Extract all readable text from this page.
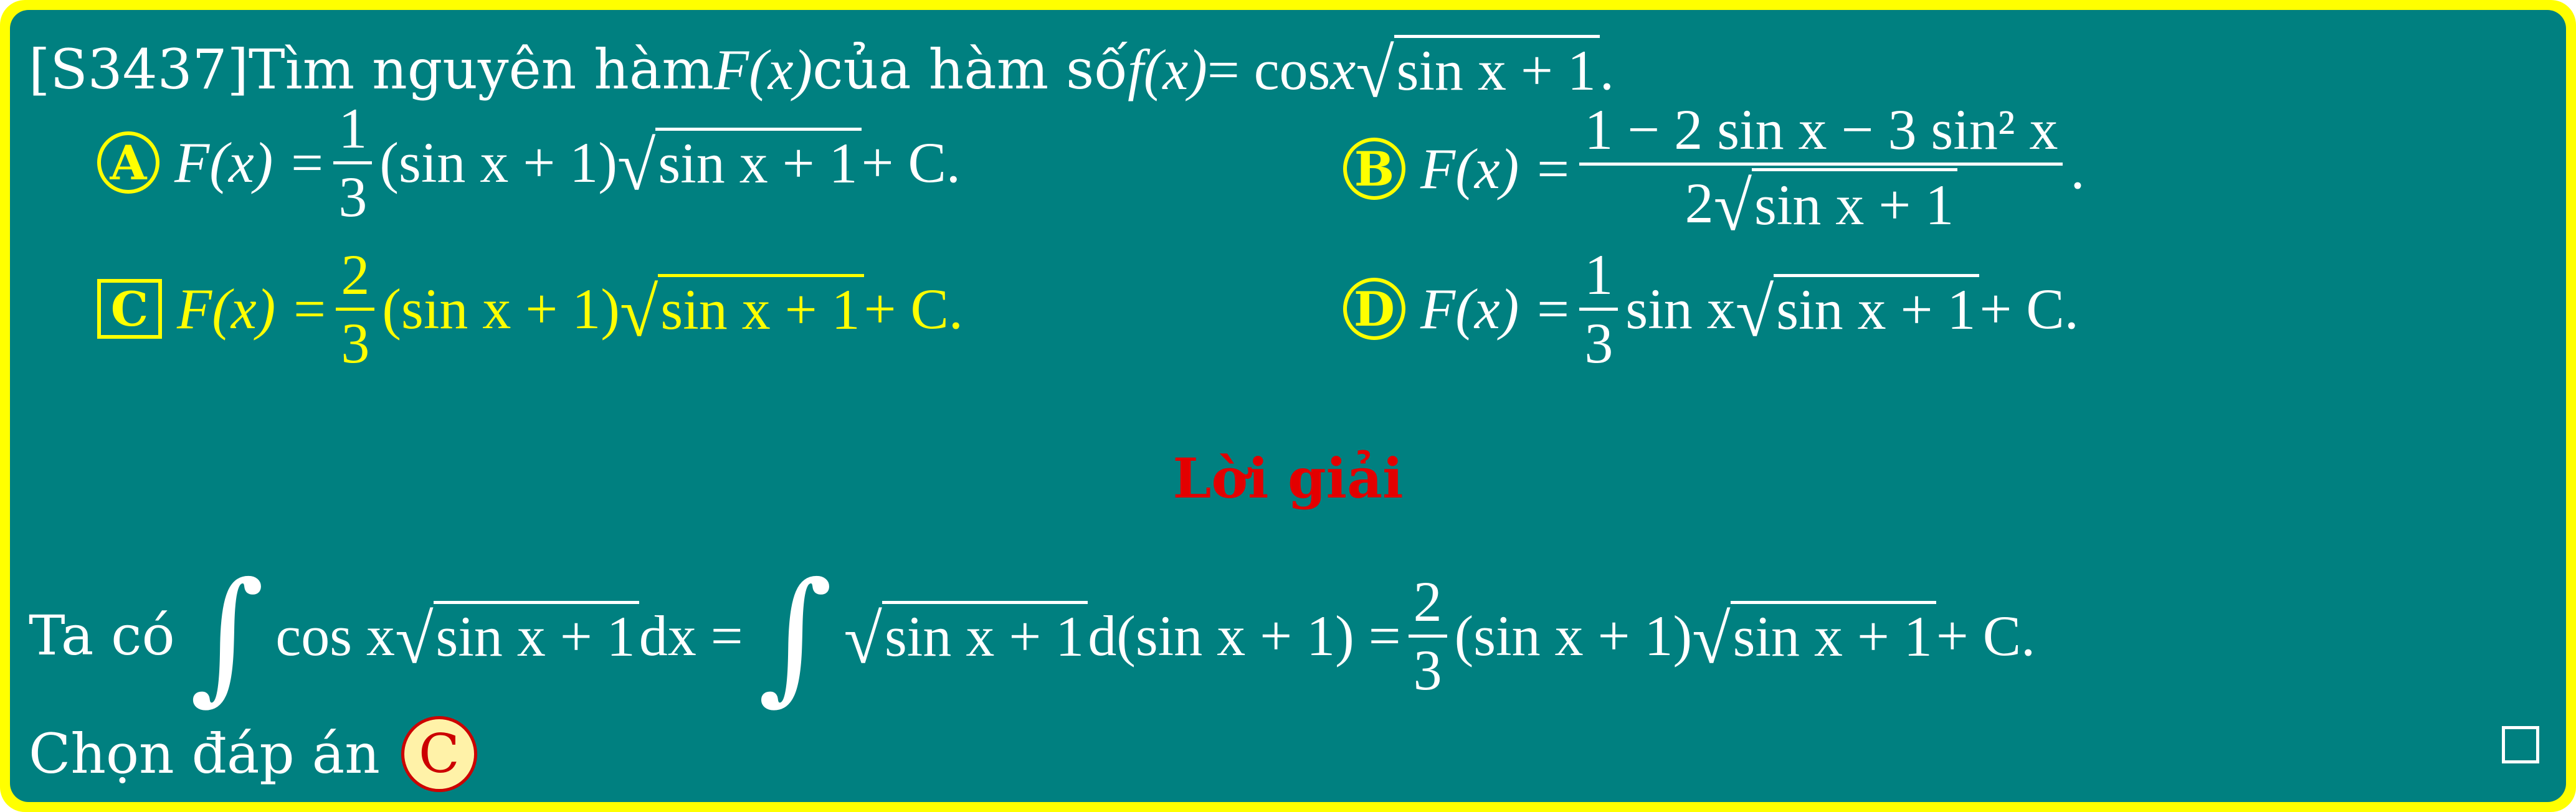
[S3437] Tìm nguyên hàm F(x) của hàm số f(x) = cos x √ sin x + 1 .
A F(x) =
1
3
(sin x + 1) √ sin x + 1 + C.	B F(x) =
1 − 2 sin x − 3 sin² x
2 √ sin x + 1
.
C F(x) =
2
3
(sin x + 1) √ sin x + 1 + C.	D F(x) =
1
3
sin x √ sin x + 1 + C.
Lời giải
Ta có ∫ cos x √ sin x + 1 dx = ∫ √ sin x + 1 d(sin x + 1) =
2
3
(sin x + 1) √ sin x + 1 + C.
Chọn đáp án C
